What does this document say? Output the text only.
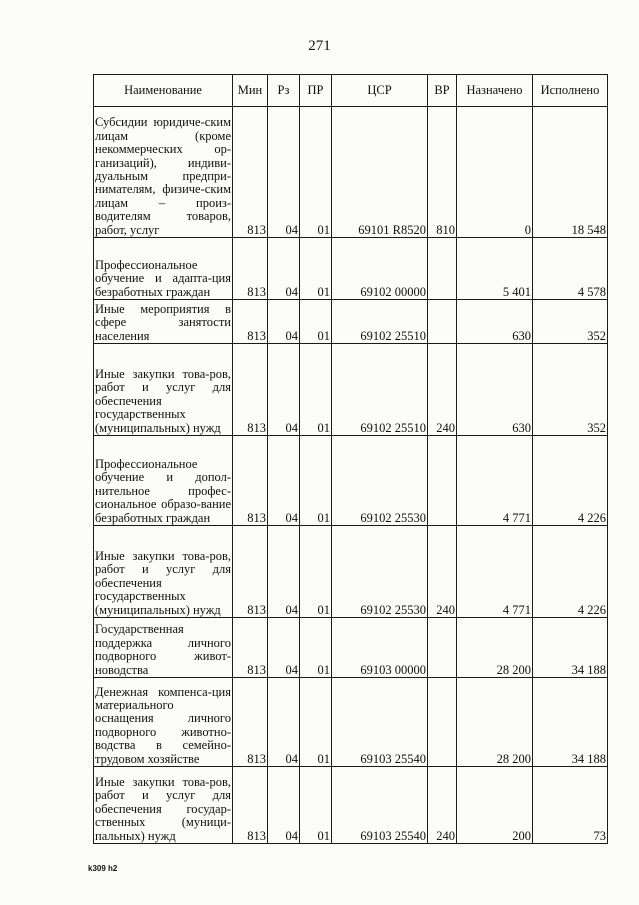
271
Наименование	Мин	Рз	ПР	ЦСР	ВР	Назначено	Исполнено

Субсидии юридиче-ским лицам (кроме некоммерческих ор-ганизаций), индиви-дуальным предпри-нимателям, физиче-ским лицам – произ-водителям товаров, работ, услуг	813	04	01	69101 R8520	810	0	18 548

Профессиональное обучение и адапта-ция безработных граждан	813	04	01	69102 00000		5 401	4 578

Иные мероприятия в сфере занятости населения	813	04	01	69102 25510		630	352

Иные закупки това-ров, работ и услуг для обеспечения государственных (муниципальных) нужд	813	04	01	69102 25510	240	630	352

Профессиональное обучение и допол-нительное профес-сиональное образо-вание безработных граждан	813	04	01	69102 25530		4 771	4 226

Иные закупки това-ров, работ и услуг для обеспечения государственных (муниципальных) нужд	813	04	01	69102 25530	240	4 771	4 226

Государственная поддержка личного подворного живот-новодства	813	04	01	69103 00000		28 200	34 188

Денежная компенса-ция материального оснащения личного подворного животно-водства в семейно-трудовом хозяйстве	813	04	01	69103 25540		28 200	34 188

Иные закупки това-ров, работ и услуг для обеспечения государ-ственных (муници-пальных) нужд	813	04	01	69103 25540	240	200	73
k309 h2
